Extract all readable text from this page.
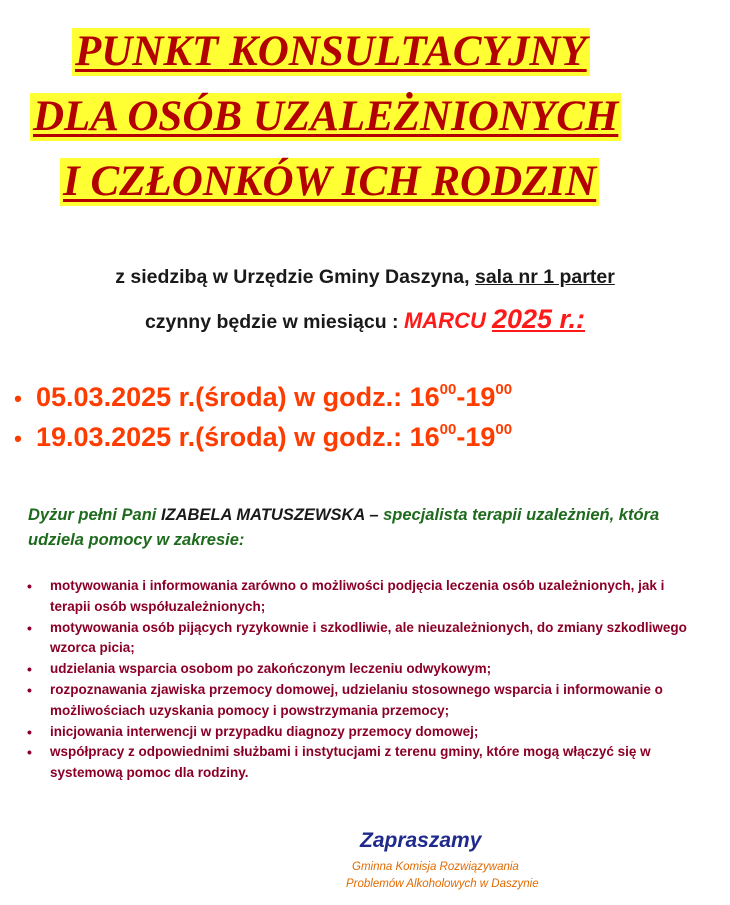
PUNKT KONSULTACYJNY
DLA OSÓB UZALEŻNIONYCH
I CZŁONKÓW ICH RODZIN
z siedzibą w Urzędzie Gminy Daszyna, sala nr 1 parter
czynny będzie w miesiącu : MARCU 2025 r.:
• 05.03.2025 r.(środa) w godz.: $16^{00}-19^{00}$
• 19.03.2025 r.(środa) w godz.: $16^{00}-19^{00}$
Dyżur pełni Pani IZABELA MATUSZEWSKA – specjalista terapii uzależnień, która udziela pomocy w zakresie:
• motywowania i informowania zarówno o możliwości podjęcia leczenia osób uzależnionych, jak i terapii osób współuzależnionych;
• motywowania osób pijących ryzykownie i szkodliwie, ale nieuzależnionych, do zmiany szkodliwego wzorca picia;
• udzielania wsparcia osobom po zakończonym leczeniu odwykowym;
• rozpoznawania zjawiska przemocy domowej, udzielaniu stosownego wsparcia i informowanie o możliwościach uzyskania pomocy i powstrzymania przemocy;
• inicjowania interwencji w przypadku diagnozy przemocy domowej;
• współpracy z odpowiednimi służbami i instytucjami z terenu gminy, które mogą włączyć się w systemową pomoc dla rodziny.
Zapraszamy
Gminna Komisja Rozwiązywania
Problemów Alkoholowych w Daszynie
